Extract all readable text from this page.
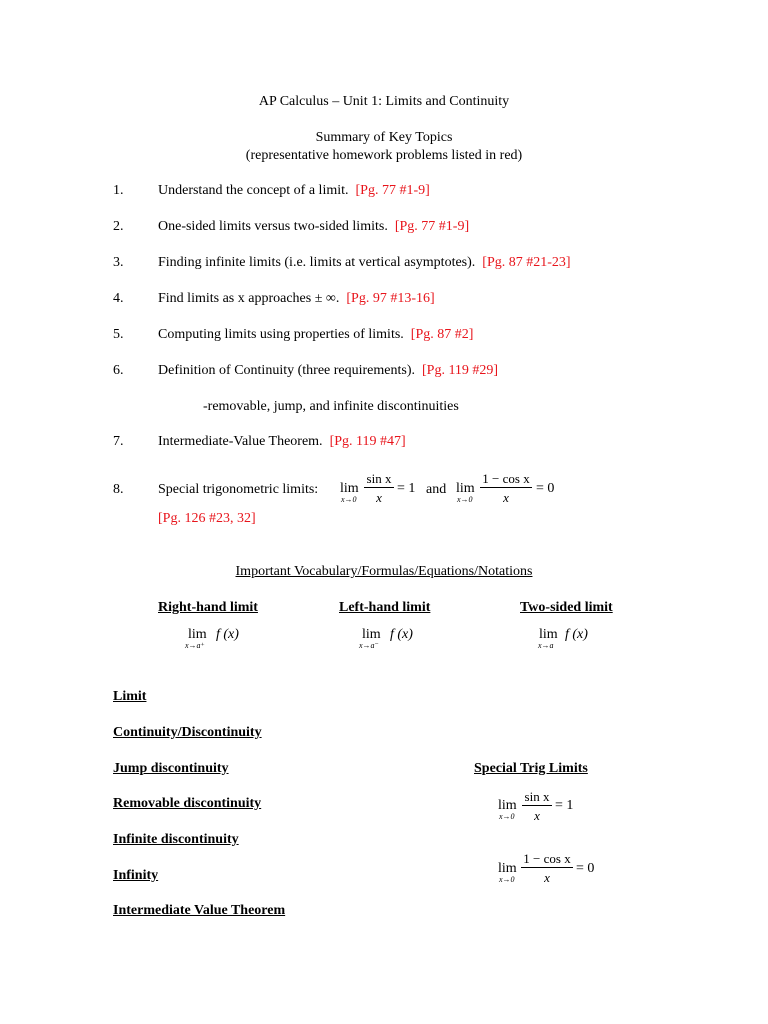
AP Calculus – Unit 1: Limits and Continuity
Summary of Key Topics
(representative homework problems listed in red)
1. Understand the concept of a limit. [Pg. 77 #1-9]
2. One-sided limits versus two-sided limits. [Pg. 77 #1-9]
3. Finding infinite limits (i.e. limits at vertical asymptotes). [Pg. 87 #21-23]
4. Find limits as x approaches ± ∞. [Pg. 97 #13-16]
5. Computing limits using properties of limits. [Pg. 87 #2]
6. Definition of Continuity (three requirements). [Pg. 119 #29]
-removable, jump, and infinite discontinuities
7. Intermediate-Value Theorem. [Pg. 119 #47]
8. Special trigonometric limits: lim
x→0
sin x
x
= 1 and lim
x→0
1 − cos x
x
= 0
[Pg. 126 #23, 32]
Important Vocabulary/Formulas/Equations/Notations
Right-hand limit	Left-hand limit	Two-sided limit
lim
x→a⁺
f (x)	lim
x→a⁻
f (x)	lim
x→a
f (x)
Limit
Continuity/Discontinuity
Jump discontinuity
Removable discontinuity
Infinite discontinuity
Infinity
Intermediate Value Theorem
Special Trig Limits
lim
x→0
sin x
x
= 1
lim
x→0
1 − cos x
x
= 0
